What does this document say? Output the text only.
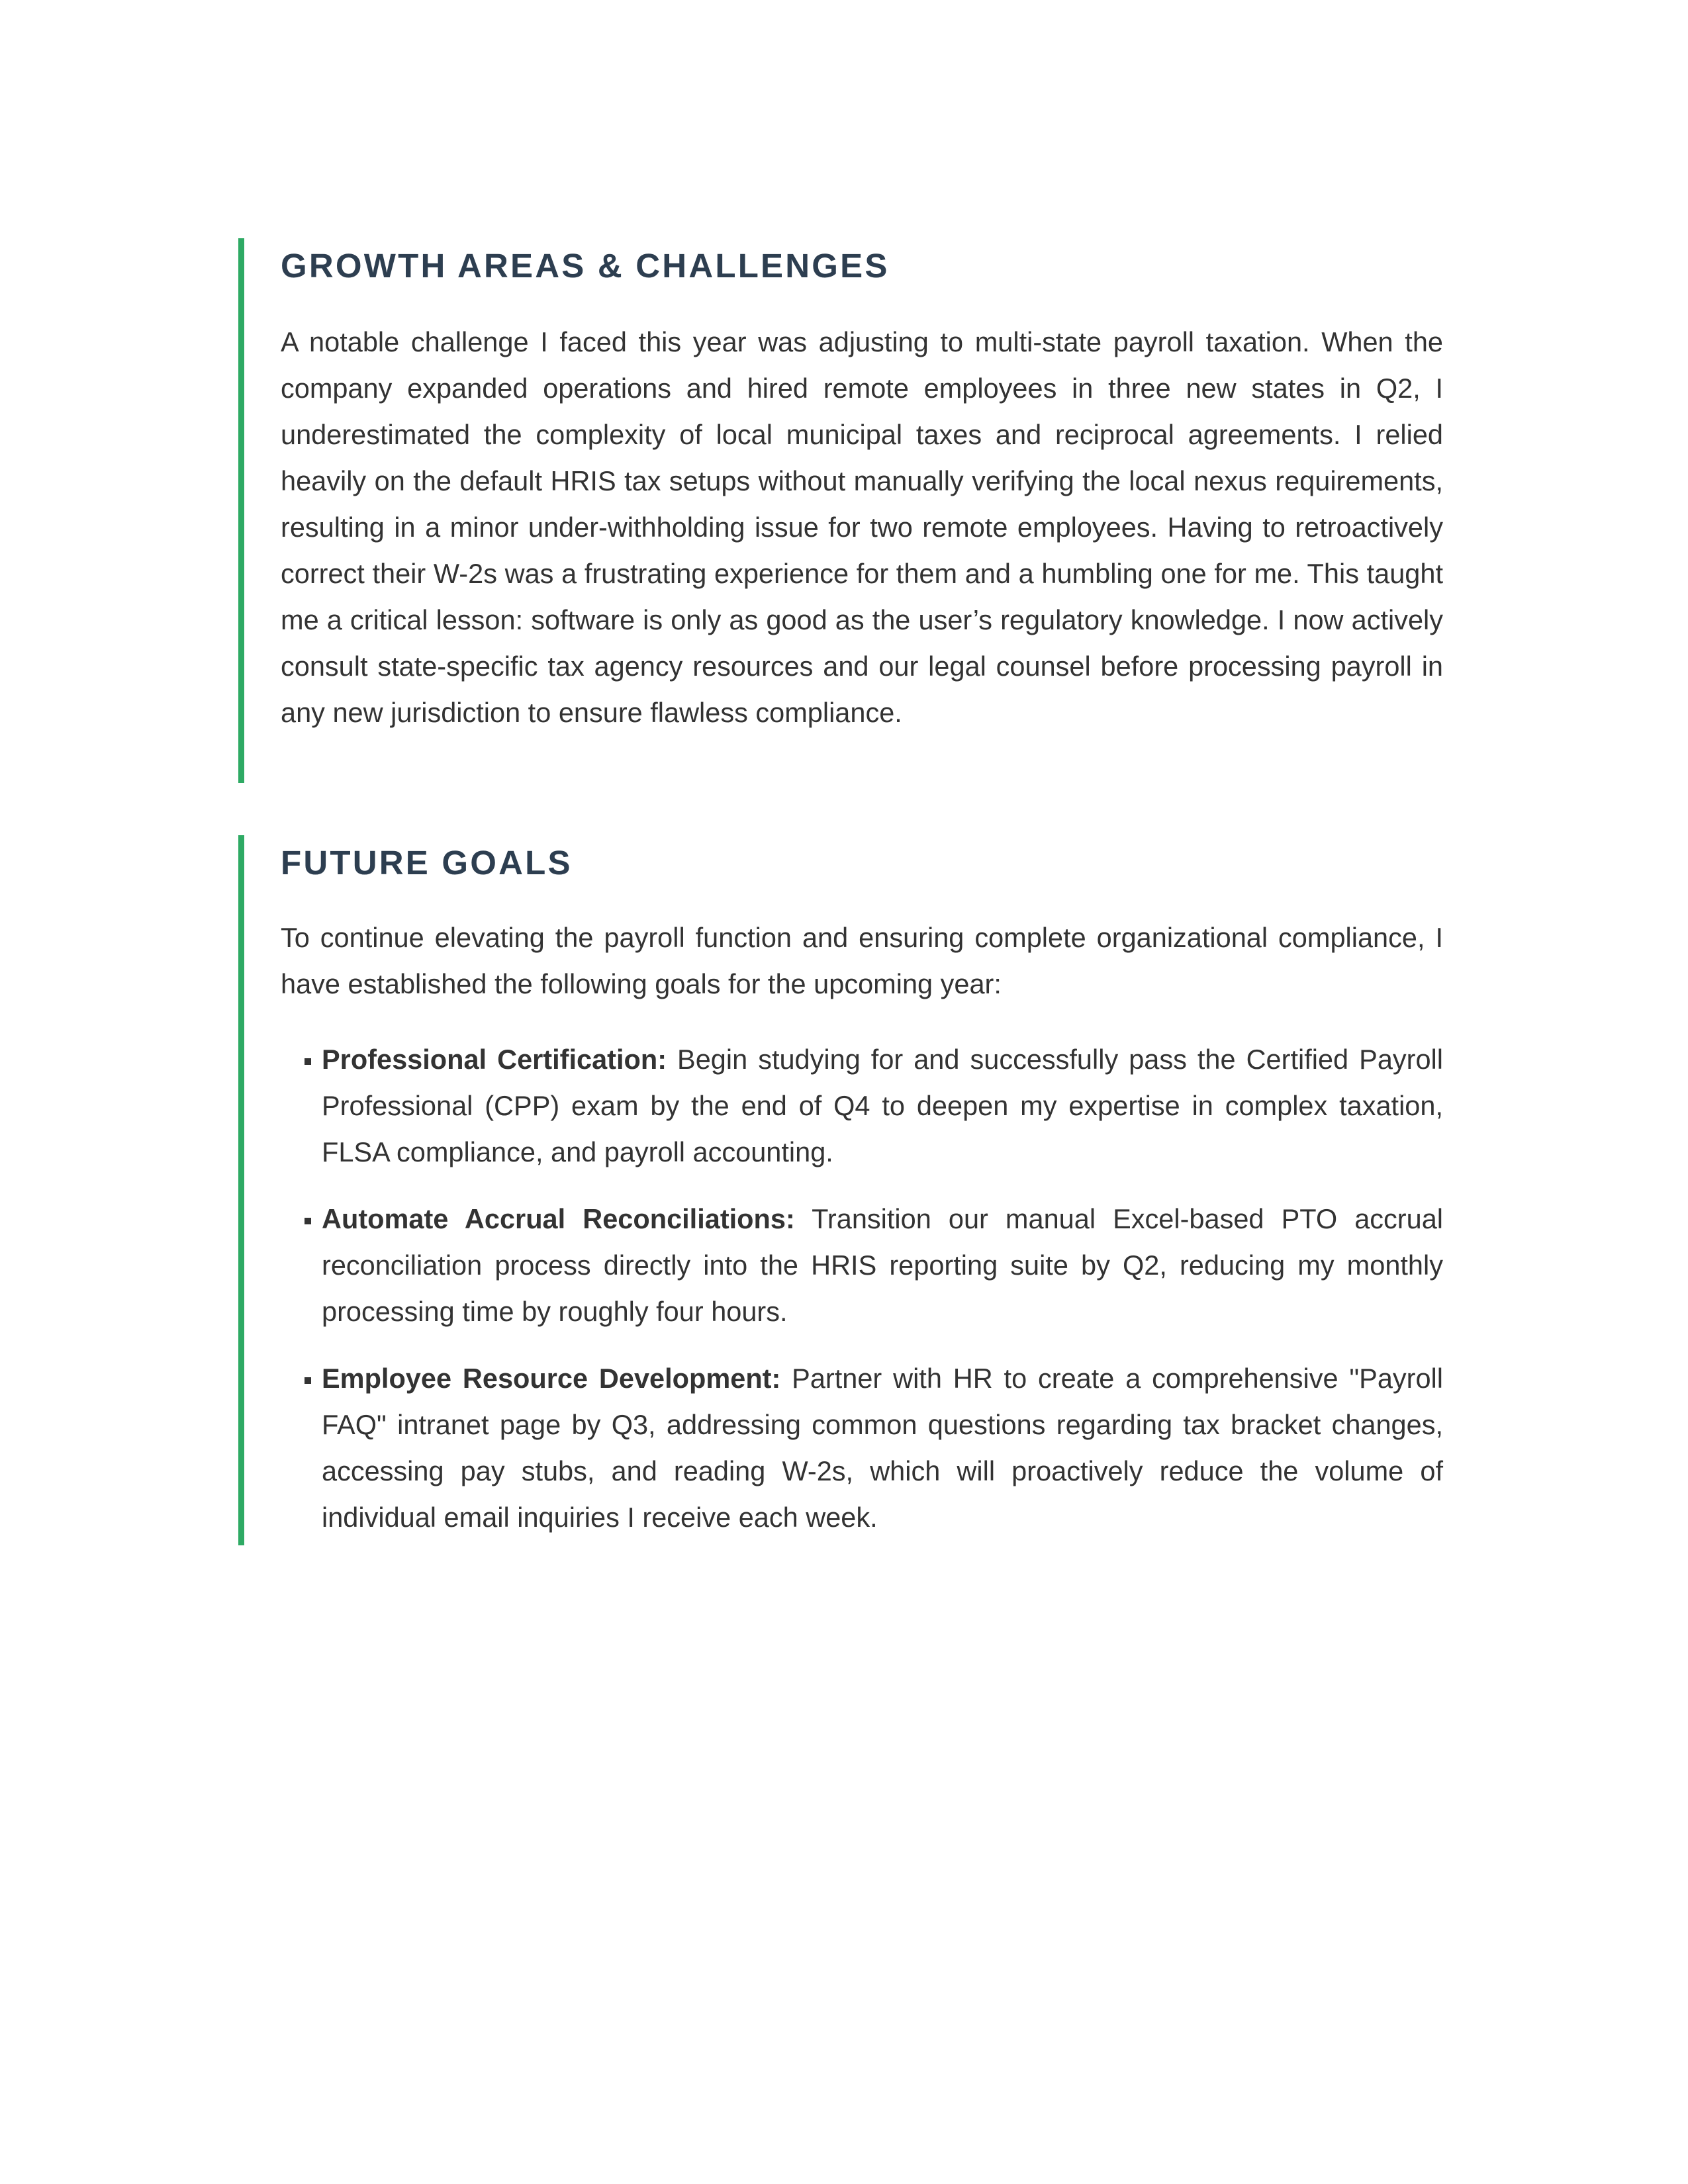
GROWTH AREAS & CHALLENGES

A notable challenge I faced this year was adjusting to multi-state payroll taxation. When the company expanded operations and hired remote employees in three new states in Q2, I underestimated the complexity of local municipal taxes and reciprocal agreements. I relied heavily on the default HRIS tax setups without manually verifying the local nexus requirements, resulting in a minor under-withholding issue for two remote employees. Having to retroactively correct their W-2s was a frustrating experience for them and a humbling one for me. This taught me a critical lesson: software is only as good as the user’s regulatory knowledge. I now actively consult state-specific tax agency resources and our legal counsel before processing payroll in any new jurisdiction to ensure flawless compliance.

FUTURE GOALS

To continue elevating the payroll function and ensuring complete organizational compliance, I have established the following goals for the upcoming year:

Professional Certification: Begin studying for and successfully pass the Certified Payroll Professional (CPP) exam by the end of Q4 to deepen my expertise in complex taxation, FLSA compliance, and payroll accounting.
Automate Accrual Reconciliations: Transition our manual Excel-based PTO accrual reconciliation process directly into the HRIS reporting suite by Q2, reducing my monthly processing time by roughly four hours.
Employee Resource Development: Partner with HR to create a comprehensive "Payroll FAQ" intranet page by Q3, addressing common questions regarding tax bracket changes, accessing pay stubs, and reading W-2s, which will proactively reduce the volume of individual email inquiries I receive each week.
